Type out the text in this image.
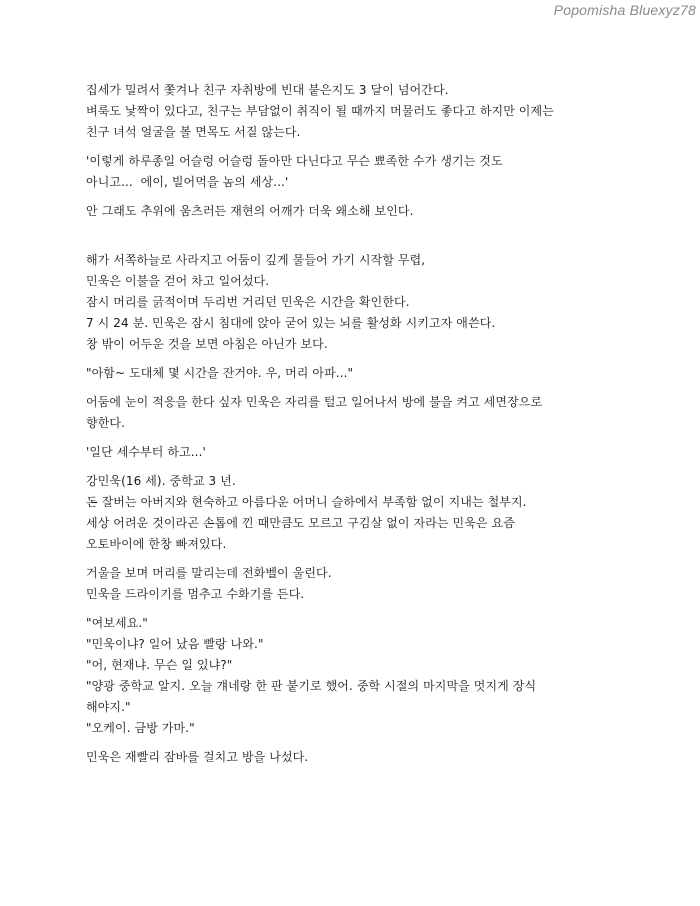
Popomisha Bluexyz78
집세가 밀려서 쫓겨나 친구 자취방에 빈대 붙은지도 3 달이 넘어간다.
벼룩도 낯짝이 있다고, 친구는 부담없이 취직이 될 때까지 머물러도 좋다고 하지만 이제는
친구 녀석 얼굴을 볼 면목도 서질 않는다.
'이렇게 하루종일 어슬렁 어슬렁 돌아만 다닌다고 무슨 뾰족한 수가 생기는 것도
아니고...  에이, 빌어먹을 놈의 세상...'
안 그래도 추위에 움츠러든 재현의 어깨가 더욱 왜소해 보인다.
해가 서쪽하늘로 사라지고 어둠이 깊게 물들어 가기 시작할 무렵,
민욱은 이불을 걷어 차고 일어섰다.
잠시 머리를 긁적이며 두리번 거리던 민욱은 시간을 확인한다.
7 시 24 분. 민욱은 잠시 침대에 앉아 굳어 있는 뇌를 활성화 시키고자 애쓴다.
창 밖이 어두운 것을 보면 아침은 아닌가 보다.
"아함~ 도대체 몇 시간을 잔거야. 우, 머리 아파..."
어둠에 눈이 적응을 한다 싶자 민욱은 자리를 털고 일어나서 방에 불을 켜고 세면장으로
향한다.
'일단 세수부터 하고...'
강민욱(16 세). 중학교 3 년.
돈 잘버는 아버지와 현숙하고 아름다운 어머니 슬하에서 부족함 없이 지내는 철부지.
세상 어려운 것이라곤 손톱에 낀 때만큼도 모르고 구김살 없이 자라는 민욱은 요즘
오토바이에 한창 빠져있다.
거울을 보며 머리를 말리는데 전화벨이 울린다.
민욱을 드라이기를 멈추고 수화기를 든다.
"여보세요."
"민욱이냐? 일어 났음 빨랑 나와."
"어, 현재냐. 무슨 일 있냐?"
"양광 중학교 알지. 오늘 걔네랑 한 판 붙기로 했어. 중학 시절의 마지막을 멋지게 장식
해야지."
"오케이. 금방 가마."
민욱은 재빨리 잠바를 걸치고 방을 나섰다.
